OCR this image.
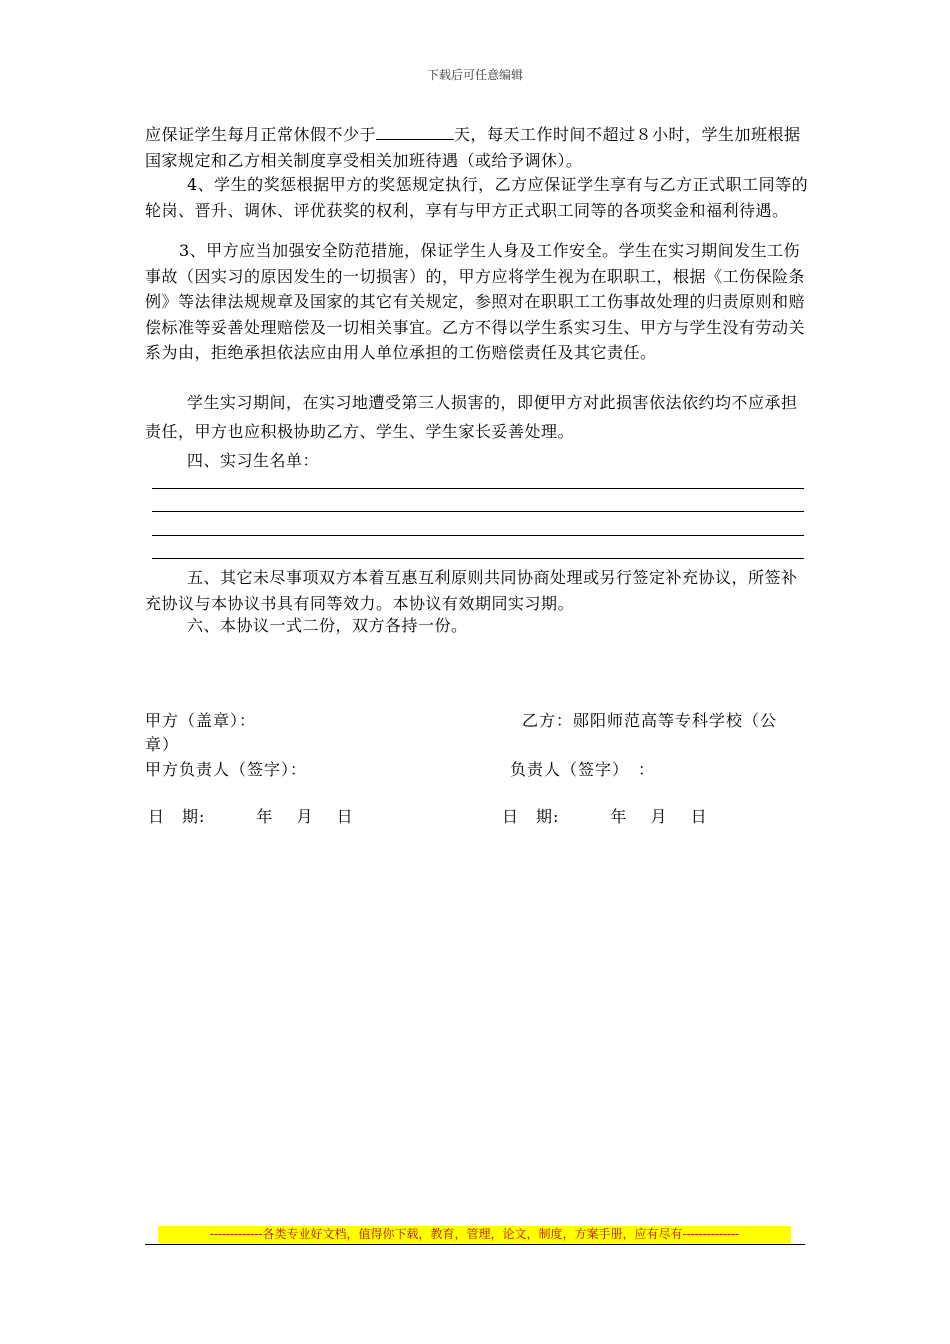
下载后可任意编辑
应保证学生每月正常休假不少于	天，每天工作时间不超过８小时，学生加班根据国家规定和乙方相关制度享受相关加班待遇（或给予调休）。
4、学生的奖惩根据甲方的奖惩规定执行，乙方应保证学生享有与乙方正式职工同等的轮岗、晋升、调休、评优获奖的权利，享有与甲方正式职工同等的各项奖金和福利待遇。
3、甲方应当加强安全防范措施，保证学生人身及工作安全。学生在实习期间发生工伤事故（因实习的原因发生的一切损害）的，甲方应将学生视为在职职工，根据《工伤保险条例》等法律法规规章及国家的其它有关规定，参照对在职职工工伤事故处理的归责原则和赔偿标准等妥善处理赔偿及一切相关事宜。乙方不得以学生系实习生、甲方与学生没有劳动关系为由，拒绝承担依法应由用人单位承担的工伤赔偿责任及其它责任。
学生实习期间，在实习地遭受第三人损害的，即便甲方对此损害依法依约均不应承担责任，甲方也应积极协助乙方、学生、学生家长妥善处理。
四、实习生名单：
五、其它未尽事项双方本着互惠互利原则共同协商处理或另行签定补充协议，所签补充协议与本协议书具有同等效力。本协议有效期同实习期。
六、本协议一式二份，双方各持一份。
甲方（盖章）：	乙方：郧阳师范高等专科学校（公
章）
甲方负责人（签字）：	负责人（签字）　：
日　期:　　　年　 月　 日	日　期:　　　年　 月　 日
-------------各类专业好文档，值得你下载，教育，管理，论文，制度，方案手册，应有尽有--------------
